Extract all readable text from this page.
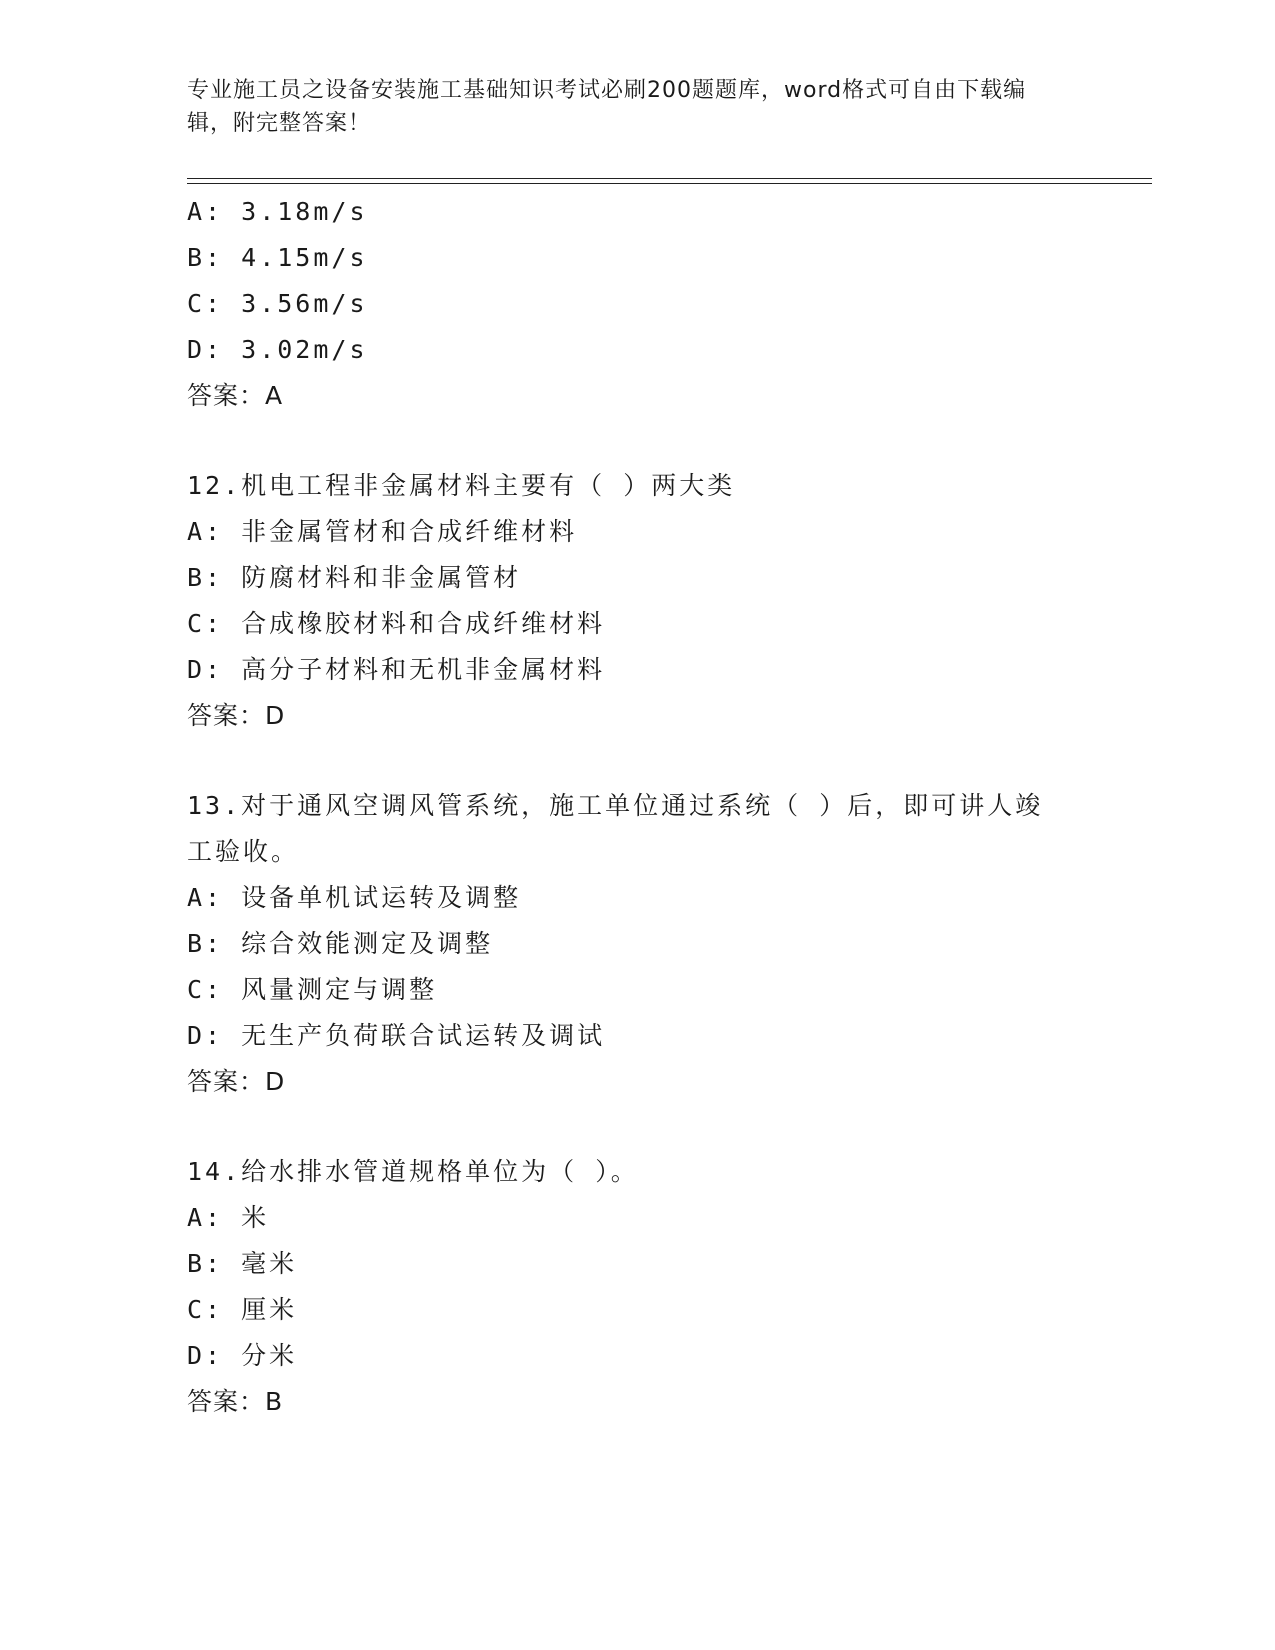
专业施工员之设备安装施工基础知识考试必刷200题题库，word格式可自由下载编辑，附完整答案！
A: 3.18m/s
B: 4.15m/s
C: 3.56m/s
D: 3.02m/s
答案：A
12.机电工程非金属材料主要有（ ）两大类
A: 非金属管材和合成纤维材料
B: 防腐材料和非金属管材
C: 合成橡胶材料和合成纤维材料
D: 高分子材料和无机非金属材料
答案：D
13.对于通风空调风管系统，施工单位通过系统（ ）后，即可讲人竣工验收。
A: 设备单机试运转及调整
B: 综合效能测定及调整
C: 风量测定与调整
D: 无生产负荷联合试运转及调试
答案：D
14.给水排水管道规格单位为（ ）。
A: 米
B: 毫米
C: 厘米
D: 分米
答案：B
